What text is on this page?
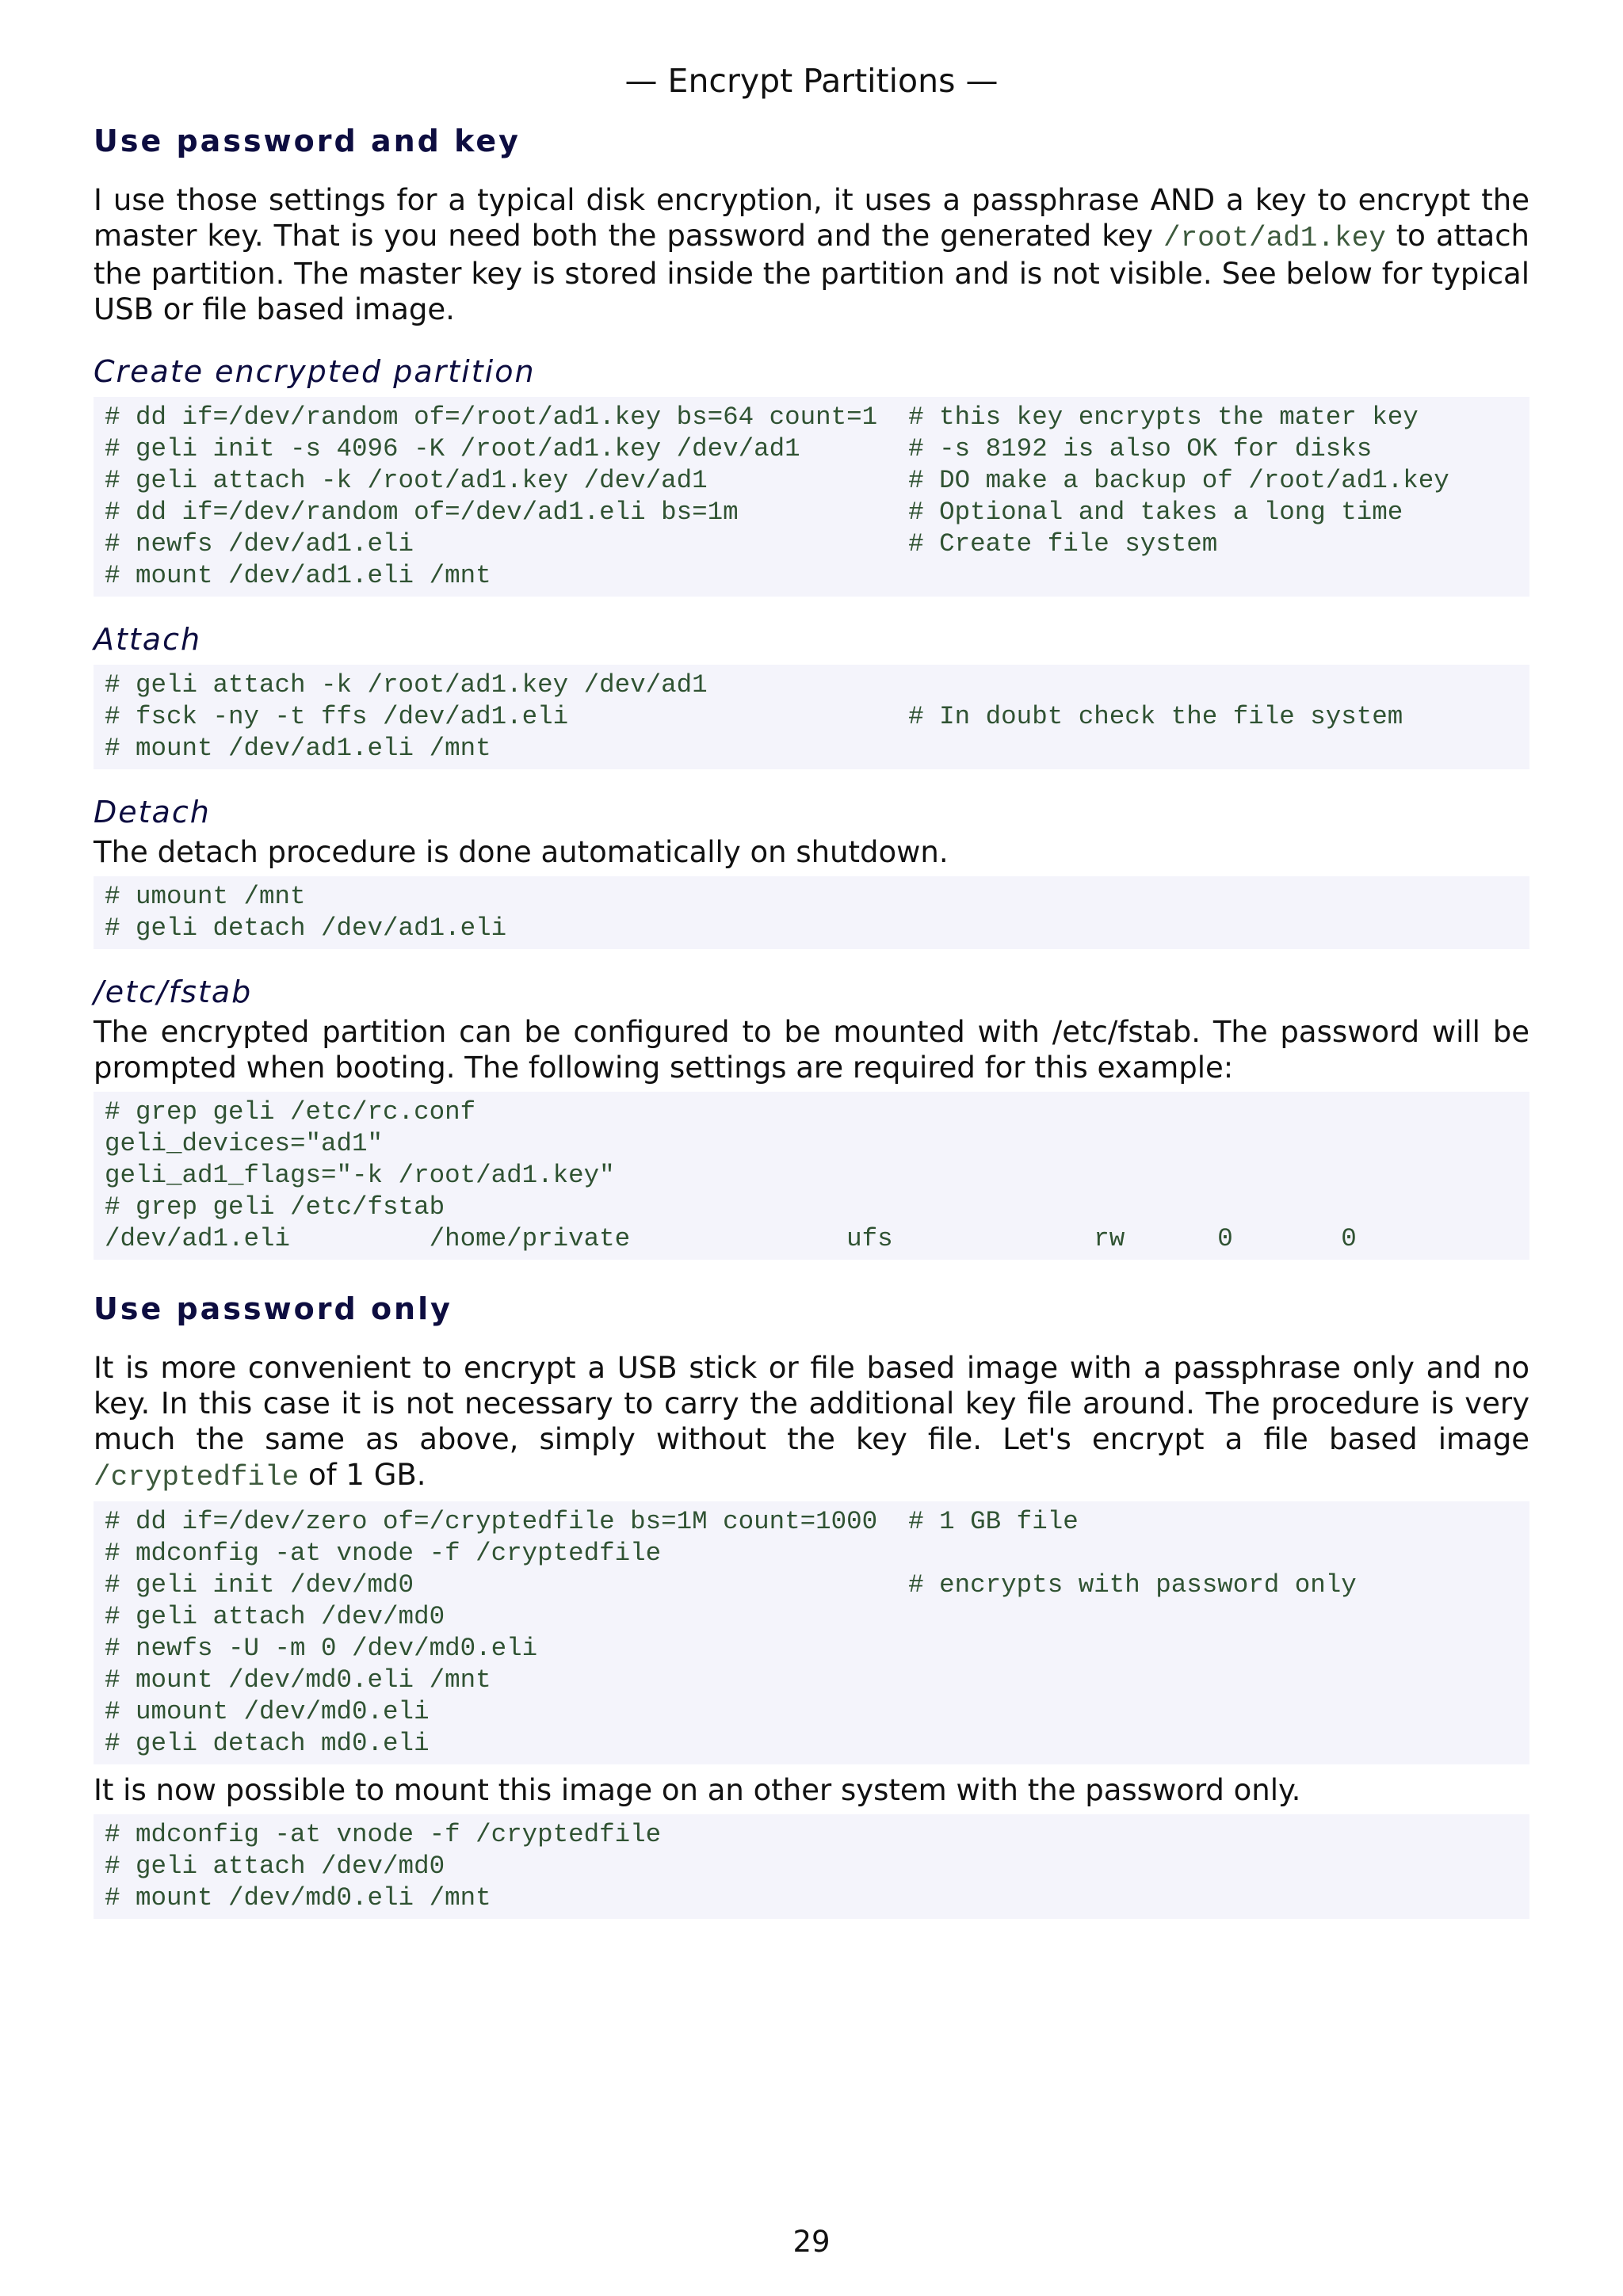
— Encrypt Partitions —
Use password and key

I use those settings for a typical disk encryption, it uses a passphrase AND a key to encrypt the master key. That is you need both the password and the generated key /root/ad1.key to attach the partition. The master key is stored inside the partition and is not visible. See below for typical USB or file based image.

Create encrypted partition
# dd if=/dev/random of=/root/ad1.key bs=64 count=1  # this key encrypts the mater key
# geli init -s 4096 -K /root/ad1.key /dev/ad1       # -s 8192 is also OK for disks
# geli attach -k /root/ad1.key /dev/ad1             # DO make a backup of /root/ad1.key
# dd if=/dev/random of=/dev/ad1.eli bs=1m           # Optional and takes a long time
# newfs /dev/ad1.eli                                # Create file system
# mount /dev/ad1.eli /mnt
Attach
# geli attach -k /root/ad1.key /dev/ad1
# fsck -ny -t ffs /dev/ad1.eli                      # In doubt check the file system
# mount /dev/ad1.eli /mnt
Detach

The detach procedure is done automatically on shutdown.

# umount /mnt
# geli detach /dev/ad1.eli
/etc/fstab

The encrypted partition can be configured to be mounted with /etc/fstab. The password will be prompted when booting. The following settings are required for this example:

# grep geli /etc/rc.conf
geli_devices="ad1"
geli_ad1_flags="-k /root/ad1.key"
# grep geli /etc/fstab
/dev/ad1.eli         /home/private              ufs             rw      0       0
Use password only

It is more convenient to encrypt a USB stick or file based image with a passphrase only and no key. In this case it is not necessary to carry the additional key file around. The procedure is very much the same as above, simply without the key file. Let's encrypt a file based image /cryptedfile of 1 GB.

# dd if=/dev/zero of=/cryptedfile bs=1M count=1000  # 1 GB file
# mdconfig -at vnode -f /cryptedfile
# geli init /dev/md0                                # encrypts with password only
# geli attach /dev/md0
# newfs -U -m 0 /dev/md0.eli
# mount /dev/md0.eli /mnt
# umount /dev/md0.eli
# geli detach md0.eli

It is now possible to mount this image on an other system with the password only.

# mdconfig -at vnode -f /cryptedfile
# geli attach /dev/md0
# mount /dev/md0.eli /mnt
29
